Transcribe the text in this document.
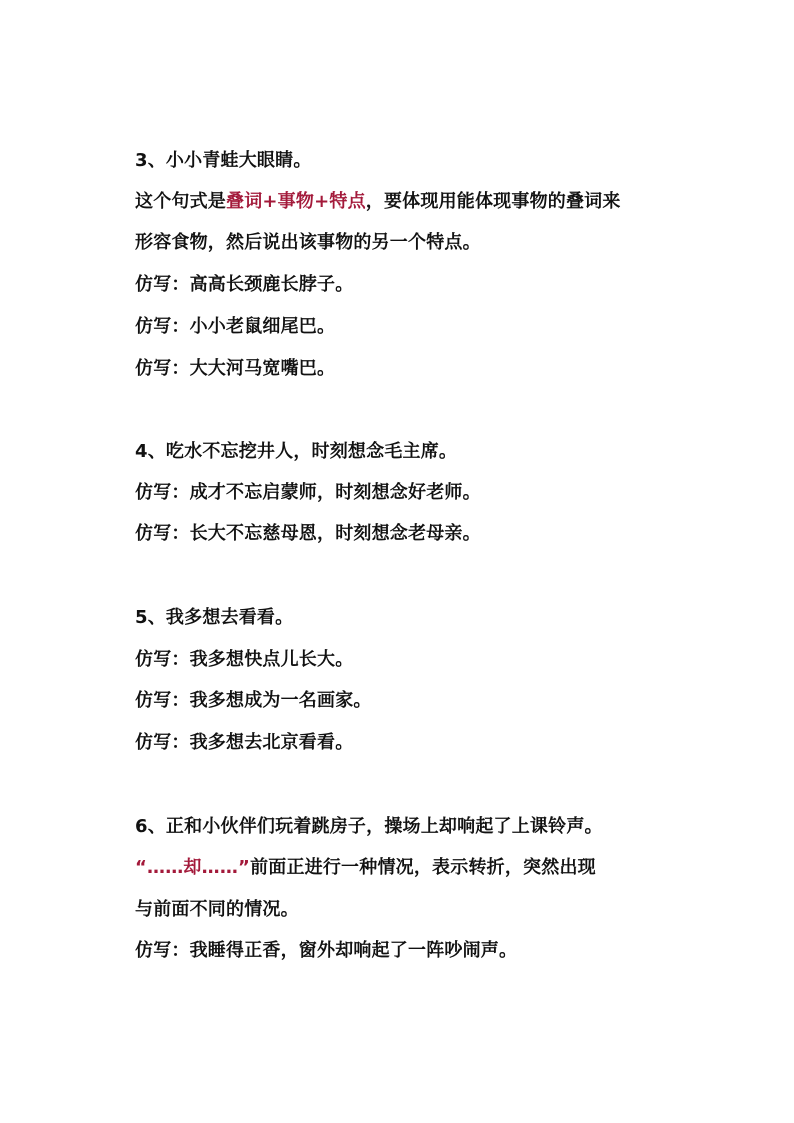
3、小小青蛙大眼睛。
这个句式是叠词+事物+特点，要体现用能体现事物的叠词来
形容食物，然后说出该事物的另一个特点。
仿写：高高长颈鹿长脖子。
仿写：小小老鼠细尾巴。
仿写：大大河马宽嘴巴。
4、吃水不忘挖井人，时刻想念毛主席。
仿写：成才不忘启蒙师，时刻想念好老师。
仿写：长大不忘慈母恩，时刻想念老母亲。
5、我多想去看看。
仿写：我多想快点儿长大。
仿写：我多想成为一名画家。
仿写：我多想去北京看看。
6、正和小伙伴们玩着跳房子，操场上却响起了上课铃声。
“……却……”前面正进行一种情况，表示转折，突然出现
与前面不同的情况。
仿写：我睡得正香，窗外却响起了一阵吵闹声。
